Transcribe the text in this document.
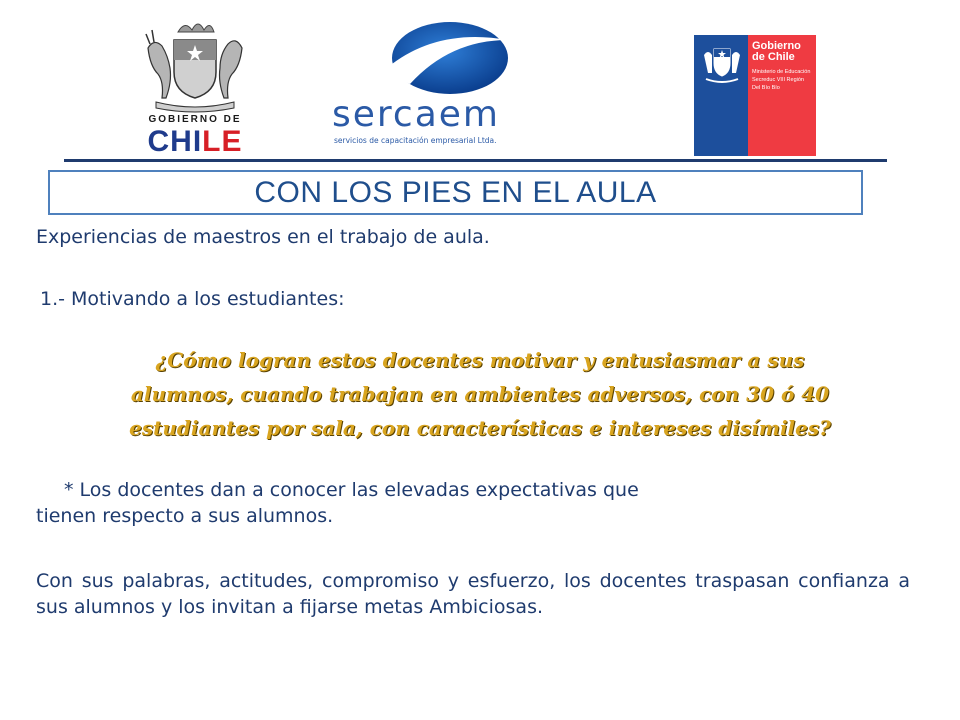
GOBIERNO DE
CHILE
sercaem
servicios de capacitación empresarial Ltda.
Gobierno
de Chile
Ministerio de Educación
Secreduc VIII Región
Del Bío Bío
CON LOS PIES EN EL AULA
Experiencias de maestros en el trabajo de aula.
1.- Motivando a los estudiantes:
¿Cómo logran estos docentes motivar y entusiasmar a sus
alumnos, cuando trabajan en ambientes adversos, con 30 ó 40
estudiantes por sala, con características e intereses disímiles?
* Los docentes dan a conocer las elevadas expectativas que
tienen respecto a sus alumnos.
Con sus palabras, actitudes, compromiso y esfuerzo, los docentes traspasan confianza a sus alumnos y los invitan a fijarse metas Ambiciosas.
